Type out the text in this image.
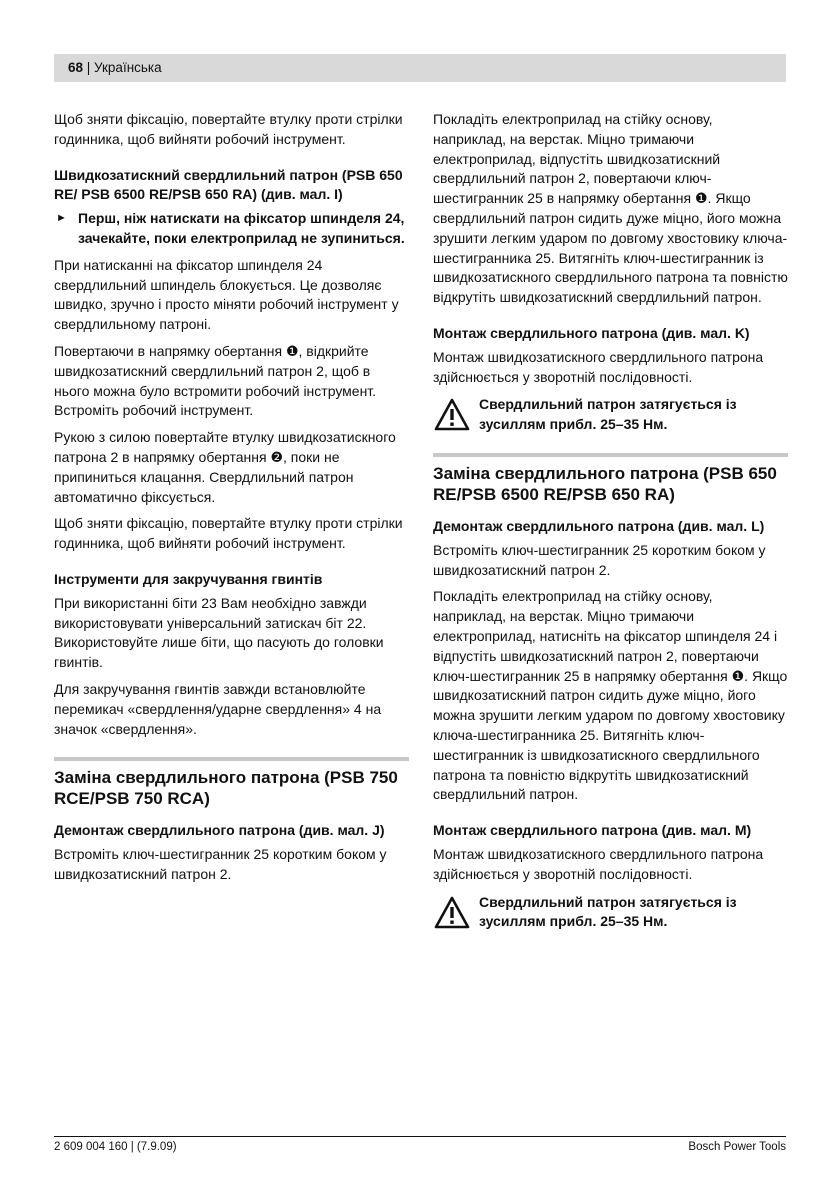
68 | Українська

Щоб зняти фіксацію, повертайте втулку проти стрілки годинника, щоб вийняти робочий інструмент.

Швидкозатискний свердлильний патрон (PSB 650 RE/ PSB 6500 RE/PSB 650 RA) (див. мал. I)
► Перш, ніж натискати на фіксатор шпинделя 24, зачекайте, поки електроприлад не зупиниться.

При натисканні на фіксатор шпинделя 24 свердлильний шпиндель блокується. Це дозволяє швидко, зручно і просто міняти робочий інструмент у свердлильному патроні.

Повертаючи в напрямку обертання ❶, відкрийте швидкозатискний свердлильний патрон 2, щоб в нього можна було встромити робочий інструмент. Встроміть робочий інструмент.

Рукою з силою повертайте втулку швидкозатискного патрона 2 в напрямку обертання ❷, поки не припиниться клацання. Свердлильний патрон автоматично фіксується.

Щоб зняти фіксацію, повертайте втулку проти стрілки годинника, щоб вийняти робочий інструмент.

Інструменти для закручування гвинтів

При використанні біти 23 Вам необхідно завжди використовувати універсальний затискач біт 22. Використовуйте лише біти, що пасують до головки гвинтів.

Для закручування гвинтів завжди встановлюйте перемикач «свердлення/ударне свердлення» 4 на значок «свердлення».

Заміна свердлильного патрона (PSB 750 RCE/PSB 750 RCA)
Демонтаж свердлильного патрона (див. мал. J)

Встроміть ключ-шестигранник 25 коротким боком у швидкозатискний патрон 2.

Покладіть електроприлад на стійку основу, наприклад, на верстак. Міцно тримаючи електроприлад, відпустіть швидкозатискний свердлильний патрон 2, повертаючи ключ-шестигранник 25 в напрямку обертання ❶. Якщо свердлильний патрон сидить дуже міцно, його можна зрушити легким ударом по довгому хвостовику ключа-шестигранника 25. Витягніть ключ-шестигранник із швидкозатискного свердлильного патрона та повністю відкрутіть швидкозатискний свердлильний патрон.

Монтаж свердлильного патрона (див. мал. K)

Монтаж швидкозатискного свердлильного патрона здійснюється у зворотній послідовності.

Свердлильний патрон затягується із зусиллям прибл. 25–35 Нм.
Заміна свердлильного патрона (PSB 650 RE/PSB 6500 RE/PSB 650 RA)
Демонтаж свердлильного патрона (див. мал. L)

Встроміть ключ-шестигранник 25 коротким боком у швидкозатискний патрон 2.

Покладіть електроприлад на стійку основу, наприклад, на верстак. Міцно тримаючи електроприлад, натисніть на фіксатор шпинделя 24 і відпустіть швидкозатискний патрон 2, повертаючи ключ-шестигранник 25 в напрямку обертання ❶. Якщо швидкозатискний патрон сидить дуже міцно, його можна зрушити легким ударом по довгому хвостовику ключа-шестигранника 25. Витягніть ключ-шестигранник із швидкозатискного свердлильного патрона та повністю відкрутіть швидкозатискний свердлильний патрон.

Монтаж свердлильного патрона (див. мал. M)

Монтаж швидкозатискного свердлильного патрона здійснюється у зворотній послідовності.

Свердлильний патрон затягується із зусиллям прибл. 25–35 Нм.
2 609 004 160 | (7.9.09)	Bosch Power Tools
